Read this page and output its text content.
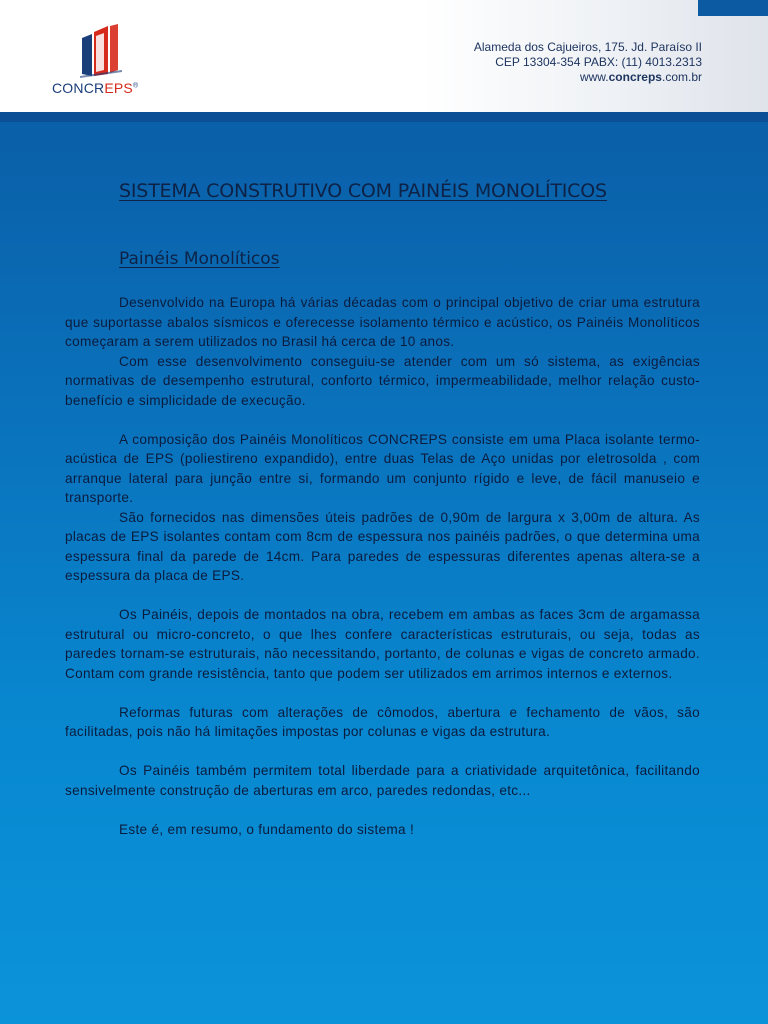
CONCREPS®
Alameda dos Cajueiros, 175. Jd. Paraíso II
CEP 13304-354 PABX: (11) 4013.2313
www.concreps.com.br
SISTEMA CONSTRUTIVO COM PAINÉIS MONOLÍTICOS
Painéis Monolíticos

Desenvolvido na Europa há várias décadas com o principal objetivo de criar uma estrutura que suportasse abalos sísmicos e oferecesse isolamento térmico e acústico, os Painéis Monolíticos começaram a serem utilizados no Brasil há cerca de 10 anos.

Com esse desenvolvimento conseguiu-se atender com um só sistema, as exigências normativas de desempenho estrutural, conforto térmico, impermeabilidade, melhor relação custo-benefício e simplicidade de execução.

A composição dos Painéis Monolíticos CONCREPS consiste em uma Placa isolante termo-acústica de EPS (poliestireno expandido), entre duas Telas de Aço unidas por eletrosolda , com arranque lateral para junção entre si, formando um conjunto rígido e leve, de fácil manuseio e transporte.

São fornecidos nas dimensões úteis padrões de 0,90m de largura x 3,00m de altura. As placas de EPS isolantes contam com 8cm de espessura nos painéis padrões, o que determina uma espessura final da parede de 14cm. Para paredes de espessuras diferentes apenas altera-se a espessura da placa de EPS.

Os Painéis, depois de montados na obra, recebem em ambas as faces 3cm de argamassa estrutural ou micro-concreto, o que lhes confere características estruturais, ou seja, todas as paredes tornam-se estruturais, não necessitando, portanto, de colunas e vigas de concreto armado. Contam com grande resistência, tanto que podem ser utilizados em arrimos internos e externos.

Reformas futuras com alterações de cômodos, abertura e fechamento de vãos, são facilitadas, pois não há limitações impostas por colunas e vigas da estrutura.

Os Painéis também permitem total liberdade para a criatividade arquitetônica, facilitando sensivelmente construção de aberturas em arco, paredes redondas, etc...

Este é, em resumo, o fundamento do sistema !
